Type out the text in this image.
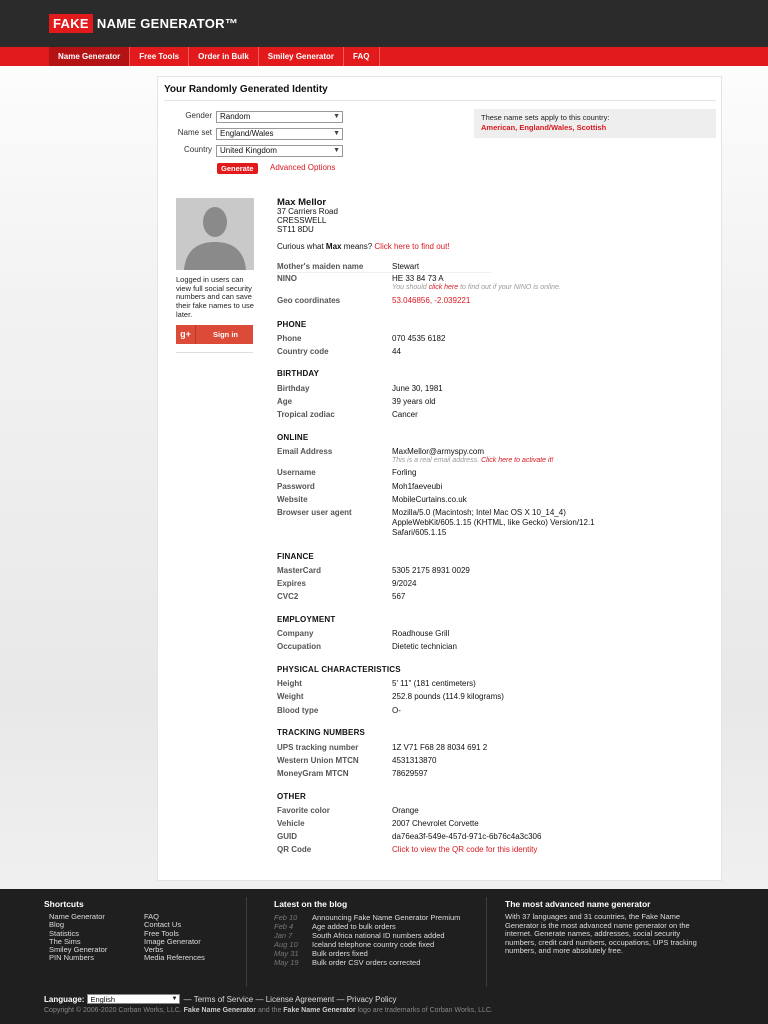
FAKE NAME GENERATOR™
Name Generator	Free Tools	Order in Bulk	Smiley Generator	FAQ
Your Randomly Generated Identity
Gender	Random	▼
Name set	England/Wales	▼
Country	United Kingdom	▼
Generate	Advanced Options
These name sets apply to this country:
American, England/Wales, Scottish
Logged in users can view full social security numbers and can save their fake names to use later.
g+	Sign in
Max Mellor
37 Carriers Road
CRESSWELL
ST11 8DU
Curious what Max means? Click here to find out!
Mother's maiden name	Stewart
NINO	HE 33 84 73 A
You should click here to find out if your NINO is online.
Geo coordinates	53.046856, -2.039221
PHONE
Phone	070 4535 6182
Country code	44
BIRTHDAY
Birthday	June 30, 1981
Age	39 years old
Tropical zodiac	Cancer
ONLINE
Email Address	MaxMellor@armyspy.com
This is a real email address. Click here to activate it!
Username	Forling
Password	Moh1faeveubi
Website	MobileCurtains.co.uk
Browser user agent	Mozilla/5.0 (Macintosh; Intel Mac OS X 10_14_4) AppleWebKit/605.1.15 (KHTML, like Gecko) Version/12.1 Safari/605.1.15
FINANCE
MasterCard	5305 2175 8931 0029
Expires	9/2024
CVC2	567
EMPLOYMENT
Company	Roadhouse Grill
Occupation	Dietetic technician
PHYSICAL CHARACTERISTICS
Height	5' 11" (181 centimeters)
Weight	252.8 pounds (114.9 kilograms)
Blood type	O-
TRACKING NUMBERS
UPS tracking number	1Z V71 F68 28 8034 691 2
Western Union MTCN	4531313870
MoneyGram MTCN	78629597
OTHER
Favorite color	Orange
Vehicle	2007 Chevrolet Corvette
GUID	da76ea3f-549e-457d-971c-6b76c4a3c306
QR Code	Click to view the QR code for this identity
Shortcuts
Name Generator
Blog
Statistics
The Sims
Smiley Generator
PIN Numbers
FAQ
Contact Us
Free Tools
Image Generator
Verbs
Media References
Latest on the blog
Feb 10	Announcing Fake Name Generator Premium
Feb 4	Age added to bulk orders
Jan 7	South Africa national ID numbers added
Aug 10	Iceland telephone country code fixed
May 31	Bulk orders fixed
May 19	Bulk order CSV orders corrected
The most advanced name generator
With 37 languages and 31 countries, the Fake Name Generator is the most advanced name generator on the internet. Generate names, addresses, social security numbers, credit card numbers, occupations, UPS tracking numbers, and more absolutely free.
Language: English	▼ —
Terms of Service
—
License Agreement
—
Privacy Policy
Copyright © 2006-2020 Corban Works, LLC. Fake Name Generator and the Fake Name Generator logo are trademarks of Corban Works, LLC.
